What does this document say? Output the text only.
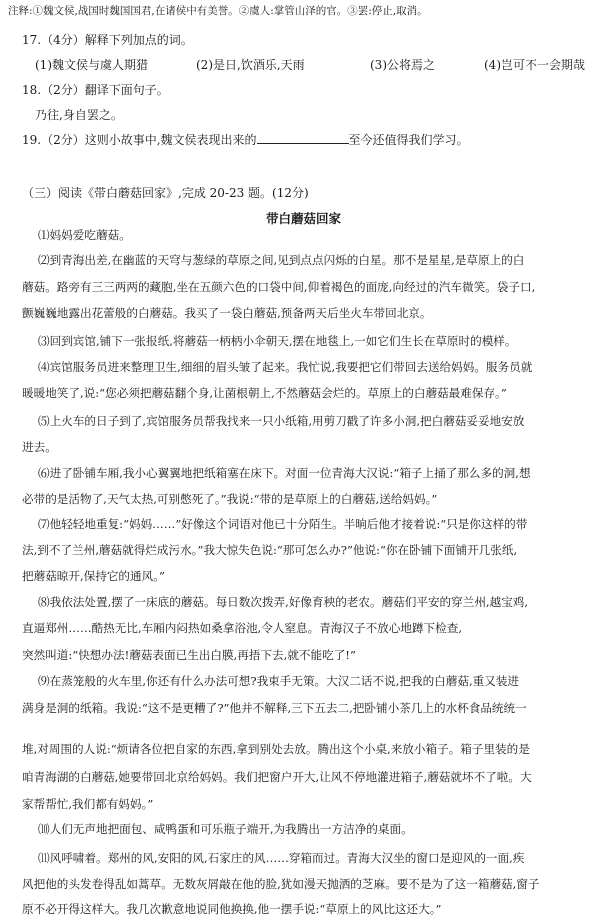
注释:①魏文侯,战国时魏国国君,在诸侯中有美誉。②虞人:掌管山泽的官。③罢:停止,取消。
17.（4分）解释下列加点的词。
(1)魏文侯与虞人期猎	(2)是日,饮酒乐,天雨	(3)公将焉之	(4)岂可不一会期哉
18.（2分）翻译下面句子。
乃往,身自罢之。
19.（2分）这则小故事中,魏文侯表现出来的	至今还值得我们学习。
（三）阅读《带白蘑菇回家》,完成 20-23 题。(12分)
带白蘑菇回家
⑴妈妈爱吃蘑菇。
⑵到青海出差,在幽蓝的天穹与葱绿的草原之间,见到点点闪烁的白星。那不是星星,是草原上的白
蘑菇。路旁有三三两两的藏胞,坐在五颜六色的口袋中间,仰着褐色的面庞,向经过的汽车微笑。袋子口,
颤巍巍地露出花蕾般的白蘑菇。我买了一袋白蘑菇,预备两天后坐火车带回北京。
⑶回到宾馆,铺下一张报纸,将蘑菇一柄柄小伞朝天,摆在地毯上,一如它们生长在草原时的模样。
⑷宾馆服务员进来整理卫生,细细的眉头皱了起来。我忙说,我要把它们带回去送给妈妈。服务员就
暖暖地笑了,说:“您必须把蘑菇翻个身,让菌根朝上,不然蘑菇会烂的。草原上的白蘑菇最难保存。”
⑸上火车的日子到了,宾馆服务员帮我找来一只小纸箱,用剪刀戳了许多小洞,把白蘑菇妥妥地安放
进去。
⑹进了卧铺车厢,我小心翼翼地把纸箱塞在床下。对面一位青海大汉说:“箱子上捅了那么多的洞,想
必带的是活物了,天气太热,可别憋死了。”我说:“带的是草原上的白蘑菇,送给妈妈。”
⑺他轻轻地重复:“妈妈……”好像这个词语对他已十分陌生。半晌后他才接着说:“只是你这样的带
法,到不了兰州,蘑菇就得烂成污水。”我大惊失色说:“那可怎么办?”他说:“你在卧铺下面铺开几张纸,
把蘑菇晾开,保持它的通风。”
⑻我依法处置,摆了一床底的蘑菇。每日数次拨弄,好像育秧的老农。蘑菇们平安的穿兰州,越宝鸡,
直逼郑州……酷热无比,车厢内闷热如桑拿浴池,令人窒息。青海汉子不放心地蹲下检查,
突然叫道:“快想办法!蘑菇表面已生出白膜,再捂下去,就不能吃了!”
⑼在蒸笼般的火车里,你还有什么办法可想?我束手无策。大汉二话不说,把我的白蘑菇,重又装进
满身是洞的纸箱。我说:“这不是更糟了?”他并不解释,三下五去二,把卧铺小茶几上的水杯食品统统一
堆,对周围的人说:“烦请各位把自家的东西,拿到别处去放。腾出这个小桌,来放小箱子。箱子里装的是
咱青海湖的白蘑菇,她要带回北京给妈妈。我们把窗户开大,让风不停地灌进箱子,蘑菇就坏不了啦。大
家帮帮忙,我们都有妈妈。”
⑽人们无声地把面包、咸鸭蛋和可乐瓶子端开,为我腾出一方洁净的桌面。
⑾风呼啸着。郑州的风,安阳的风,石家庄的风……穿箱而过。青海大汉坐的窗口是迎风的一面,疾
风把他的头发卷得乱如蒿草。无数灰屑敲在他的脸,犹如漫天抛洒的芝麻。要不是为了这一箱蘑菇,窗子
原不必开得这样大。我几次歉意地说同他换换,他一摆手说:“草原上的风比这还大。”
